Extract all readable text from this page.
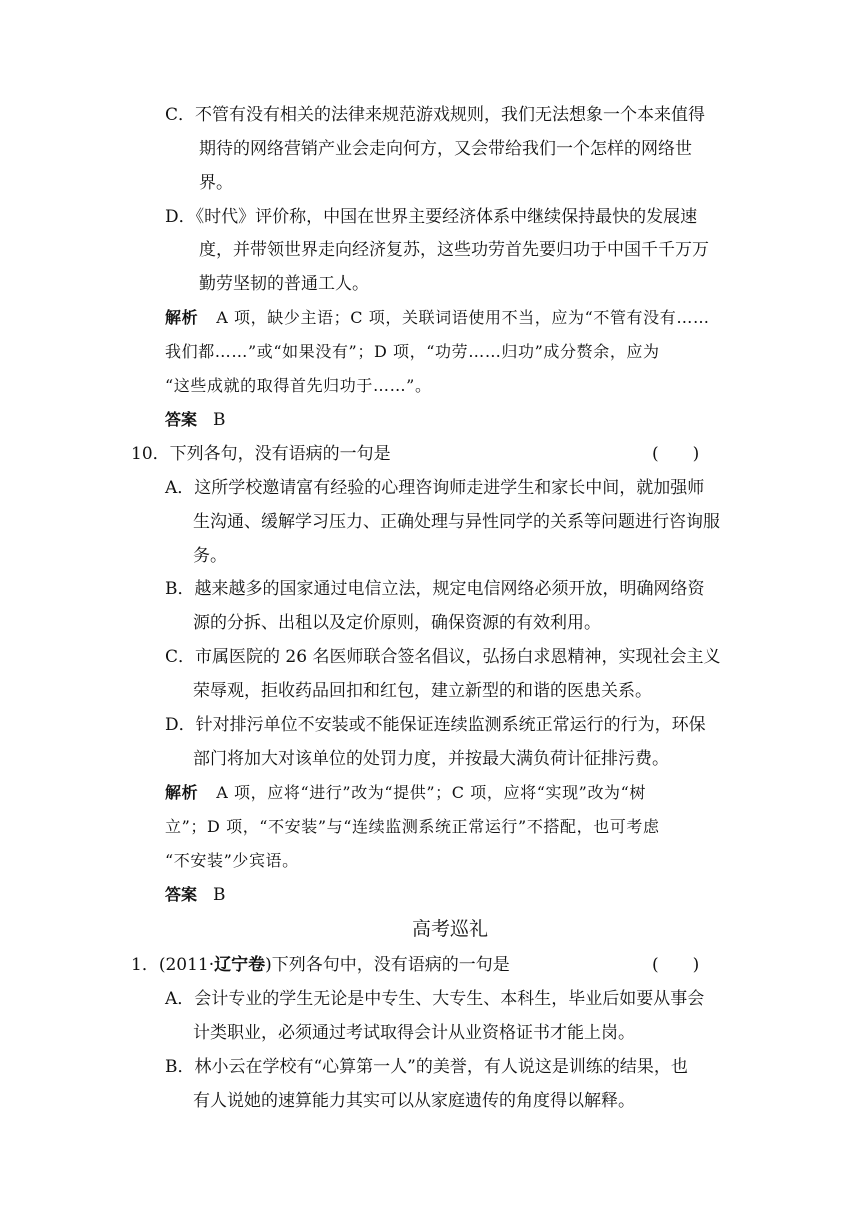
C．不管有没有相关的法律来规范游戏规则，我们无法想象一个本来值得
期待的网络营销产业会走向何方，又会带给我们一个怎样的网络世
界。
D．《时代》评价称，中国在世界主要经济体系中继续保持最快的发展速
度，并带领世界走向经济复苏，这些功劳首先要归功于中国千千万万
勤劳坚韧的普通工人。
解析 A 项，缺少主语；C 项，关联词语使用不当，应为“不管有没有……
我们都……”或“如果没有”；D 项，“功劳……归功”成分赘余，应为
“这些成就的取得首先归功于……”。
答案 B
10．下列各句，没有语病的一句是	(　　)
A．这所学校邀请富有经验的心理咨询师走进学生和家长中间，就加强师
生沟通、缓解学习压力、正确处理与异性同学的关系等问题进行咨询服
务。
B．越来越多的国家通过电信立法，规定电信网络必须开放，明确网络资
源的分拆、出租以及定价原则，确保资源的有效利用。
C．市属医院的 26 名医师联合签名倡议，弘扬白求恩精神，实现社会主义
荣辱观，拒收药品回扣和红包，建立新型的和谐的医患关系。
D．针对排污单位不安装或不能保证连续监测系统正常运行的行为，环保
部门将加大对该单位的处罚力度，并按最大满负荷计征排污费。
解析 A 项，应将“进行”改为“提供”；C 项，应将“实现”改为“树
立”；D 项，“不安装”与“连续监测系统正常运行”不搭配，也可考虑
“不安装”少宾语。
答案 B
高考巡礼
1．(2011·辽宁卷)下列各句中，没有语病的一句是	(　　)
A．会计专业的学生无论是中专生、大专生、本科生，毕业后如要从事会
计类职业，必须通过考试取得会计从业资格证书才能上岗。
B．林小云在学校有“心算第一人”的美誉，有人说这是训练的结果，也
有人说她的速算能力其实可以从家庭遗传的角度得以解释。
